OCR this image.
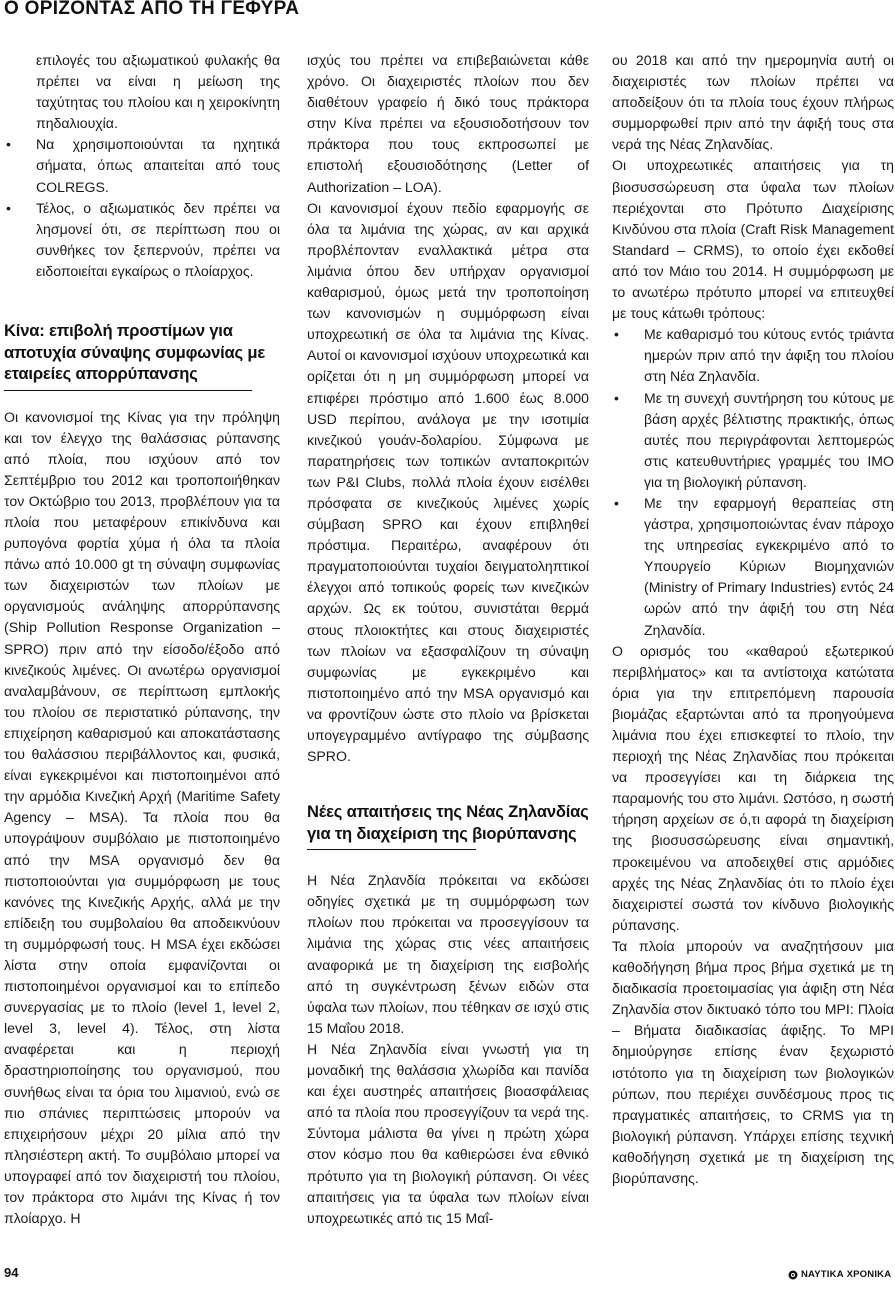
Ο ΟΡΙΖΟΝΤΑΣ ΑΠΟ ΤΗ ΓΕΦΥΡΑ

επιλογές του αξιωματικού φυλακής θα πρέπει να είναι η μείωση της ταχύτητας του πλοίου και η χειροκίνητη πηδαλιουχία.

• Να χρησιμοποιούνται τα ηχητικά σήματα, όπως απαιτείται από τους COLREGS.
• Τέλος, ο αξιωματικός δεν πρέπει να λησμονεί ότι, σε περίπτωση που οι συνθήκες τον ξεπερνούν, πρέπει να ειδοποιείται εγκαίρως ο πλοίαρχος.
Κίνα: επιβολή προστίμων για αποτυχία σύναψης συμφωνίας με εταιρείες απορρύπανσης

Οι κανονισμοί της Κίνας για την πρόληψη και τον έλεγχο της θαλάσσιας ρύπανσης από πλοία, που ισχύουν από τον Σεπτέμβριο του 2012 και τροποποιήθηκαν τον Οκτώβριο του 2013, προβλέπουν για τα πλοία που μεταφέρουν επικίνδυνα και ρυπογόνα φορτία χύμα ή όλα τα πλοία πάνω από 10.000 gt τη σύναψη συμφωνίας των διαχειριστών των πλοίων με οργανισμούς ανάληψης απορρύπανσης (Ship Pollution Response Organization – SPRO) πριν από την είσοδο/έξοδο από κινεζικούς λιμένες. Οι ανωτέρω οργανισμοί αναλαμβάνουν, σε περίπτωση εμπλοκής του πλοίου σε περιστατικό ρύπανσης, την επιχείρηση καθαρισμού και αποκατάστασης του θαλάσσιου περιβάλλοντος και, φυσικά, είναι εγκεκριμένοι και πιστοποιημένοι από την αρμόδια Κινεζική Αρχή (Maritime Safety Agency – MSA). Τα πλοία που θα υπογράψουν συμβόλαιο με πιστοποιημένο από την MSA οργανισμό δεν θα πιστοποιούνται για συμμόρφωση με τους κανόνες της Κινεζικής Αρχής, αλλά με την επίδειξη του συμβολαίου θα αποδεικνύουν τη συμμόρφωσή τους. Η MSA έχει εκδώσει λίστα στην οποία εμφανίζονται οι πιστοποιημένοι οργανισμοί και το επίπεδο συνεργασίας με το πλοίο (level 1, level 2, level 3, level 4). Τέλος, στη λίστα αναφέρεται και η περιοχή δραστηριοποίησης του οργανισμού, που συνήθως είναι τα όρια του λιμανιού, ενώ σε πιο σπάνιες περιπτώσεις μπορούν να επιχειρήσουν μέχρι 20 μίλια από την πλησιέστερη ακτή. Το συμβόλαιο μπορεί να υπογραφεί από τον διαχειριστή του πλοίου, τον πράκτορα στο λιμάνι της Κίνας ή τον πλοίαρχο. Η

ισχύς του πρέπει να επιβεβαιώνεται κάθε χρόνο. Οι διαχειριστές πλοίων που δεν διαθέτουν γραφείο ή δικό τους πράκτορα στην Κίνα πρέπει να εξουσιοδοτήσουν τον πράκτορα που τους εκπροσωπεί με επιστολή εξουσιοδότησης (Letter of Authorization – LOA).

Οι κανονισμοί έχουν πεδίο εφαρμογής σε όλα τα λιμάνια της χώρας, αν και αρχικά προβλέπονταν εναλλακτικά μέτρα στα λιμάνια όπου δεν υπήρχαν οργανισμοί καθαρισμού, όμως μετά την τροποποίηση των κανονισμών η συμμόρφωση είναι υποχρεωτική σε όλα τα λιμάνια της Κίνας. Αυτοί οι κανονισμοί ισχύουν υποχρεωτικά και ορίζεται ότι η μη συμμόρφωση μπορεί να επιφέρει πρόστιμο από 1.600 έως 8.000 USD περίπου, ανάλογα με την ισοτιμία κινεζικού γουάν-δολαρίου. Σύμφωνα με παρατηρήσεις των τοπικών ανταποκριτών των P&I Clubs, πολλά πλοία έχουν εισέλθει πρόσφατα σε κινεζικούς λιμένες χωρίς σύμβαση SPRO και έχουν επιβληθεί πρόστιμα. Περαιτέρω, αναφέρουν ότι πραγματοποιούνται τυχαίοι δειγματοληπτικοί έλεγχοι από τοπικούς φορείς των κινεζικών αρχών. Ως εκ τούτου, συνιστάται θερμά στους πλοιοκτήτες και στους διαχειριστές των πλοίων να εξασφαλίζουν τη σύναψη συμφωνίας με εγκεκριμένο και πιστοποιημένο από την MSA οργανισμό και να φροντίζουν ώστε στο πλοίο να βρίσκεται υπογεγραμμένο αντίγραφο της σύμβασης SPRO.

Νέες απαιτήσεις της Νέας Ζηλανδίας για τη διαχείριση της βιορύπανσης

Η Νέα Ζηλανδία πρόκειται να εκδώσει οδηγίες σχετικά με τη συμμόρφωση των πλοίων που πρόκειται να προσεγγίσουν τα λιμάνια της χώρας στις νέες απαιτήσεις αναφορικά με τη διαχείριση της εισβολής από τη συγκέντρωση ξένων ειδών στα ύφαλα των πλοίων, που τέθηκαν σε ισχύ στις 15 Μαΐου 2018.

Η Νέα Ζηλανδία είναι γνωστή για τη μοναδική της θαλάσσια χλωρίδα και πανίδα και έχει αυστηρές απαιτήσεις βιοασφάλειας από τα πλοία που προσεγγίζουν τα νερά της. Σύντομα μάλιστα θα γίνει η πρώτη χώρα στον κόσμο που θα καθιερώσει ένα εθνικό πρότυπο για τη βιολογική ρύπανση. Οι νέες απαιτήσεις για τα ύφαλα των πλοίων είναι υποχρεωτικές από τις 15 Μαΐ-

ου 2018 και από την ημερομηνία αυτή οι διαχειριστές των πλοίων πρέπει να αποδείξουν ότι τα πλοία τους έχουν πλήρως συμμορφωθεί πριν από την άφιξή τους στα νερά της Νέας Ζηλανδίας.

Οι υποχρεωτικές απαιτήσεις για τη βιοσυσσώρευση στα ύφαλα των πλοίων περιέχονται στο Πρότυπο Διαχείρισης Κινδύνου στα πλοία (Craft Risk Management Standard – CRMS), το οποίο έχει εκδοθεί από τον Μάιο του 2014. Η συμμόρφωση με το ανωτέρω πρότυπο μπορεί να επιτευχθεί με τους κάτωθι τρόπους:

• Με καθαρισμό του κύτους εντός τριάντα ημερών πριν από την άφιξη του πλοίου στη Νέα Ζηλανδία.
• Με τη συνεχή συντήρηση του κύτους με βάση αρχές βέλτιστης πρακτικής, όπως αυτές που περιγράφονται λεπτομερώς στις κατευθυντήριες γραμμές του IMO για τη βιολογική ρύπανση.
• Με την εφαρμογή θεραπείας στη γάστρα, χρησιμοποιώντας έναν πάροχο της υπηρεσίας εγκεκριμένο από το Υπουργείο Κύριων Βιομηχανιών (Ministry of Primary Industries) εντός 24 ωρών από την άφιξή του στη Νέα Ζηλανδία.

Ο ορισμός του «καθαρού εξωτερικού περιβλήματος» και τα αντίστοιχα κατώτατα όρια για την επιτρεπόμενη παρουσία βιομάζας εξαρτώνται από τα προηγούμενα λιμάνια που έχει επισκεφτεί το πλοίο, την περιοχή της Νέας Ζηλανδίας που πρόκειται να προσεγγίσει και τη διάρκεια της παραμονής του στο λιμάνι. Ωστόσο, η σωστή τήρηση αρχείων σε ό,τι αφορά τη διαχείριση της βιοσυσσώρευσης είναι σημαντική, προκειμένου να αποδειχθεί στις αρμόδιες αρχές της Νέας Ζηλανδίας ότι το πλοίο έχει διαχειριστεί σωστά τον κίνδυνο βιολογικής ρύπανσης.

Τα πλοία μπορούν να αναζητήσουν μια καθοδήγηση βήμα προς βήμα σχετικά με τη διαδικασία προετοιμασίας για άφιξη στη Νέα Ζηλανδία στον δικτυακό τόπο του MPI: Πλοία – Βήματα διαδικασίας άφιξης. Το MPI δημιούργησε επίσης έναν ξεχωριστό ιστότοπο για τη διαχείριση των βιολογικών ρύπων, που περιέχει συνδέσμους προς τις πραγματικές απαιτήσεις, το CRMS για τη βιολογική ρύπανση. Υπάρχει επίσης τεχνική καθοδήγηση σχετικά με τη διαχείριση της βιορύπανσης.

94	ΝΑΥΤΙΚΑ ΧΡΟΝΙΚΑ
